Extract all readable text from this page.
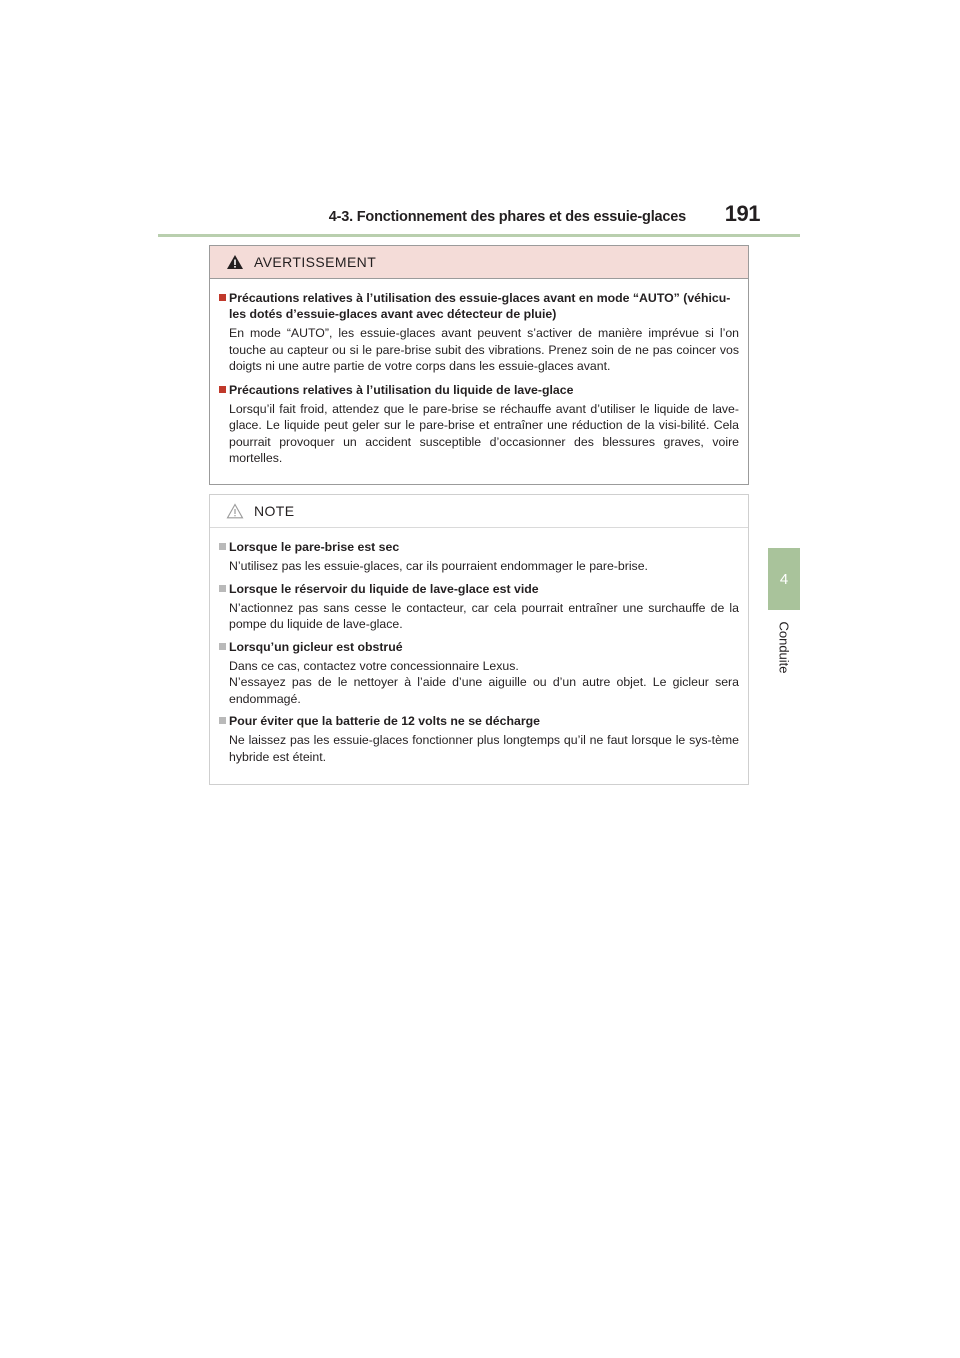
4-3. Fonctionnement des phares et des essuie-glaces 191
4
Conduite
AVERTISSEMENT
Précautions relatives à l’utilisation des essuie-glaces avant en mode “AUTO” (véhicu-les dotés d’essuie-glaces avant avec détecteur de pluie)
En mode “AUTO”, les essuie-glaces avant peuvent s’activer de manière imprévue si l’on touche au capteur ou si le pare-brise subit des vibrations. Prenez soin de ne pas coincer vos doigts ni une autre partie de votre corps dans les essuie-glaces avant.
Précautions relatives à l’utilisation du liquide de lave-glace
Lorsqu’il fait froid, attendez que le pare-brise se réchauffe avant d’utiliser le liquide de lave-glace. Le liquide peut geler sur le pare-brise et entraîner une réduction de la visi-bilité. Cela pourrait provoquer un accident susceptible d’occasionner des blessures graves, voire mortelles.
NOTE
Lorsque le pare-brise est sec
N’utilisez pas les essuie-glaces, car ils pourraient endommager le pare-brise.
Lorsque le réservoir du liquide de lave-glace est vide
N’actionnez pas sans cesse le contacteur, car cela pourrait entraîner une surchauffe de la pompe du liquide de lave-glace.
Lorsqu’un gicleur est obstrué
Dans ce cas, contactez votre concessionnaire Lexus.
N’essayez pas de le nettoyer à l’aide d’une aiguille ou d’un autre objet. Le gicleur sera endommagé.
Pour éviter que la batterie de 12 volts ne se décharge
Ne laissez pas les essuie-glaces fonctionner plus longtemps qu’il ne faut lorsque le sys-tème hybride est éteint.
